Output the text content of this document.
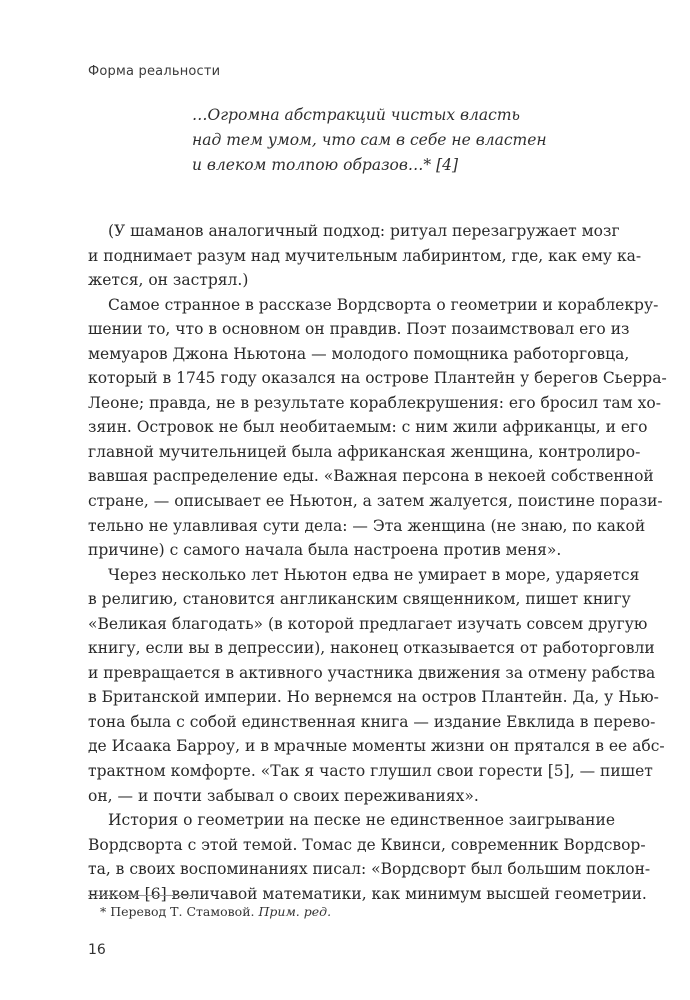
Форма реальности
…Огромна абстракций чистых власть
над тем умом, что сам в себе не властен
и влеком толпою образов…* [4]
(У шаманов аналогичный подход: ритуал перезагружает мозг
и поднимает разум над мучительным лабиринтом, где, как ему ка-
жется, он застрял.)
Самое странное в рассказе Вордсворта о геометрии и кораблекру-
шении то, что в основном он правдив. Поэт позаимствовал его из
мемуаров Джона Ньютона — молодого помощника работорговца,
который в 1745 году оказался на острове Плантейн у берегов Сьерра-
Леоне; правда, не в результате кораблекрушения: его бросил там хо-
зяин. Островок не был необитаемым: с ним жили африканцы, и его
главной мучительницей была африканская женщина, контролиро-
вавшая распределение еды. «Важная персона в некоей собственной
стране, — описывает ее Ньютон, а затем жалуется, поистине порази-
тельно не улавливая сути дела: — Эта женщина (не знаю, по какой
причине) с самого начала была настроена против меня».
Через несколько лет Ньютон едва не умирает в море, ударяется
в религию, становится англиканским священником, пишет книгу
«Великая благодать» (в которой предлагает изучать совсем другую
книгу, если вы в депрессии), наконец отказывается от работорговли
и превращается в активного участника движения за отмену рабства
в Британской империи. Но вернемся на остров Плантейн. Да, у Нью-
тона была с собой единственная книга — издание Евклида в перево-
де Исаака Барроу, и в мрачные моменты жизни он прятался в ее абс-
трактном комфорте. «Так я часто глушил свои горести [5], — пишет
он, — и почти забывал о своих переживаниях».
История о геометрии на песке не единственное заигрывание
Вордсворта с этой темой. Томас де Квинси, современник Вордсвор-
та, в своих воспоминаниях писал: «Вордсворт был большим поклон-
ником [6] величавой математики, как минимум высшей геометрии.
* Перевод Т. Стамовой. Прим. ред.
16
